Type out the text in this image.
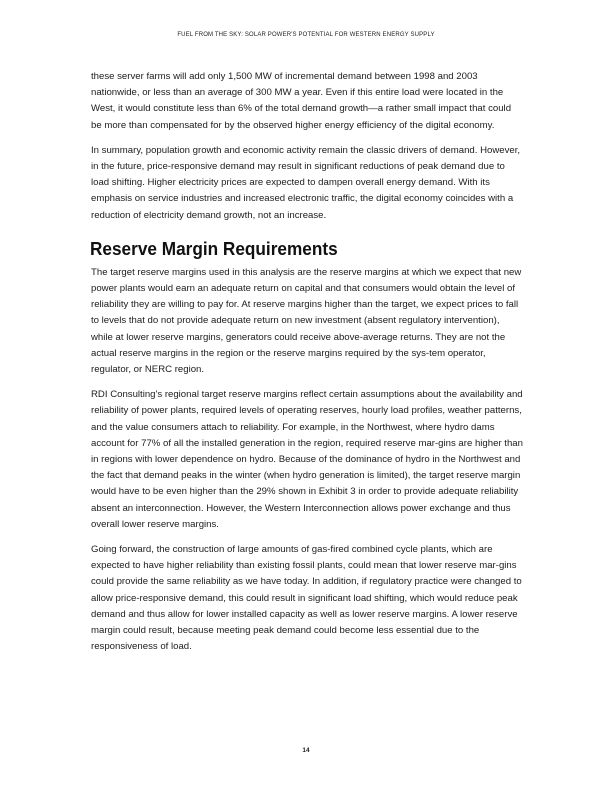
FUEL FROM THE SKY: SOLAR POWER'S POTENTIAL FOR WESTERN ENERGY SUPPLY

these server farms will add only 1,500 MW of incremental demand between 1998 and 2003 nationwide, or less than an average of 300 MW a year. Even if this entire load were located in the West, it would constitute less than 6% of the total demand growth—a rather small impact that could be more than compensated for by the observed higher energy efficiency of the digital economy.

In summary, population growth and economic activity remain the classic drivers of demand. However, in the future, price-responsive demand may result in significant reductions of peak demand due to load shifting. Higher electricity prices are expected to dampen overall energy demand. With its emphasis on service industries and increased electronic traffic, the digital economy coincides with a reduction of electricity demand growth, not an increase.

Reserve Margin Requirements

The target reserve margins used in this analysis are the reserve margins at which we expect that new power plants would earn an adequate return on capital and that consumers would obtain the level of reliability they are willing to pay for. At reserve margins higher than the target, we expect prices to fall to levels that do not provide adequate return on new investment (absent regulatory intervention), while at lower reserve margins, generators could receive above-average returns. They are not the actual reserve margins in the region or the reserve margins required by the sys-tem operator, regulator, or NERC region.

RDI Consulting's regional target reserve margins reflect certain assumptions about the availability and reliability of power plants, required levels of operating reserves, hourly load profiles, weather patterns, and the value consumers attach to reliability. For example, in the Northwest, where hydro dams account for 77% of all the installed generation in the region, required reserve mar-gins are higher than in regions with lower dependence on hydro. Because of the dominance of hydro in the Northwest and the fact that demand peaks in the winter (when hydro generation is limited), the target reserve margin would have to be even higher than the 29% shown in Exhibit 3 in order to provide adequate reliability absent an interconnection. However, the Western Interconnection allows power exchange and thus overall lower reserve margins.

Going forward, the construction of large amounts of gas-fired combined cycle plants, which are expected to have higher reliability than existing fossil plants, could mean that lower reserve mar-gins could provide the same reliability as we have today. In addition, if regulatory practice were changed to allow price-responsive demand, this could result in significant load shifting, which would reduce peak demand and thus allow for lower installed capacity as well as lower reserve margins. A lower reserve margin could result, because meeting peak demand could become less essential due to the responsiveness of load.

14
